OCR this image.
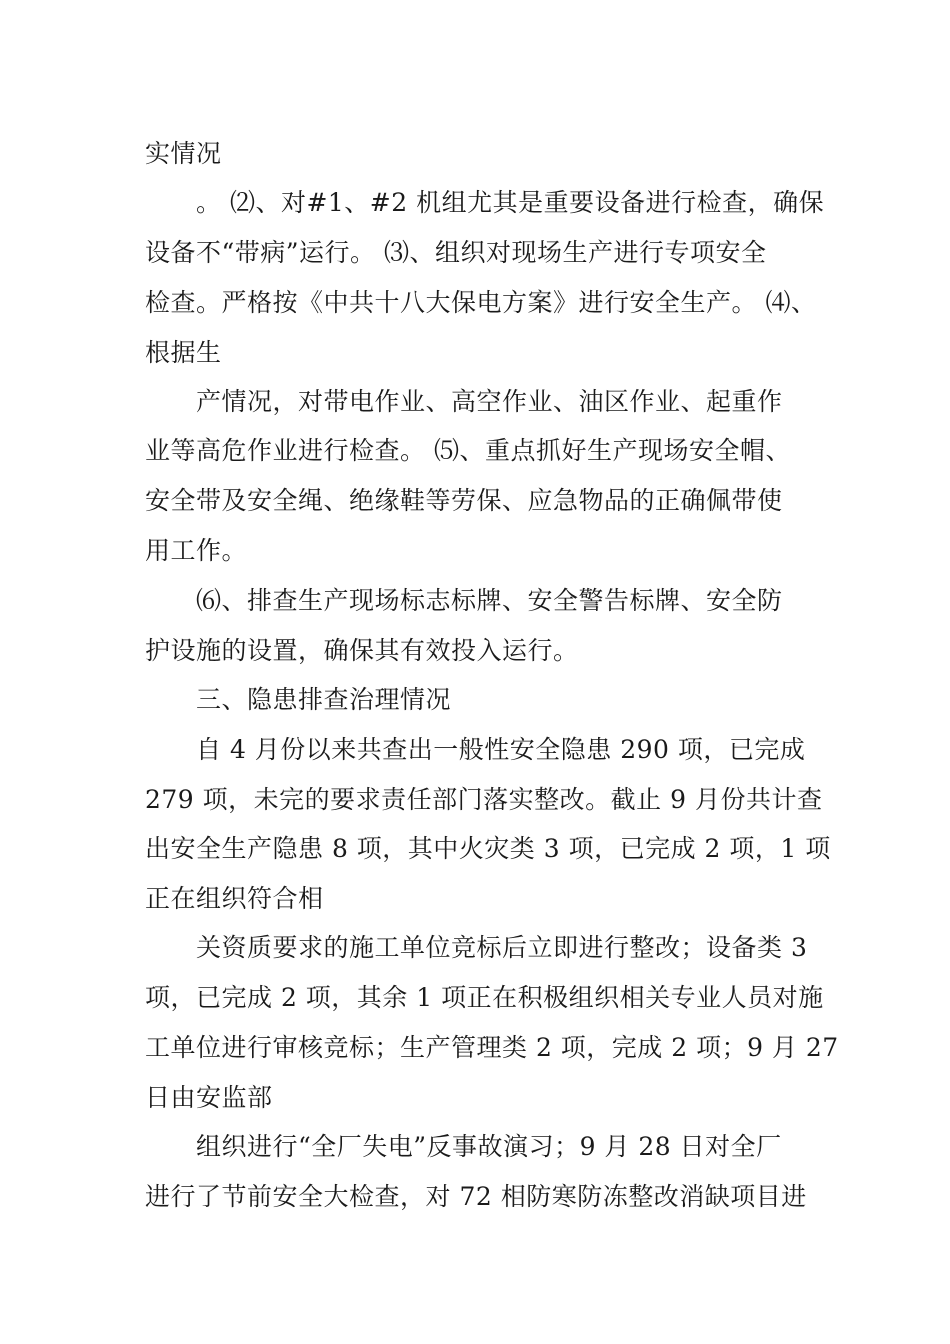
实情况
。 ⑵、对#1、#2 机组尤其是重要设备进行检查，确保
设备不“带病”运行。 ⑶、组织对现场生产进行专项安全
检查。严格按《中共十八大保电方案》进行安全生产。 ⑷、
根据生
产情况，对带电作业、高空作业、油区作业、起重作
业等高危作业进行检查。 ⑸、重点抓好生产现场安全帽、
安全带及安全绳、绝缘鞋等劳保、应急物品的正确佩带使
用工作。
⑹、排查生产现场标志标牌、安全警告标牌、安全防
护设施的设置，确保其有效投入运行。
三、隐患排查治理情况
自 4 月份以来共查出一般性安全隐患 290 项，已完成
279 项，未完的要求责任部门落实整改。截止 9 月份共计查
出安全生产隐患 8 项，其中火灾类 3 项，已完成 2 项，1 项
正在组织符合相
关资质要求的施工单位竞标后立即进行整改；设备类 3
项，已完成 2 项，其余 1 项正在积极组织相关专业人员对施
工单位进行审核竞标；生产管理类 2 项，完成 2 项；9 月 27
日由安监部
组织进行“全厂失电”反事故演习；9 月 28 日对全厂
进行了节前安全大检查，对 72 相防寒防冻整改消缺项目进
